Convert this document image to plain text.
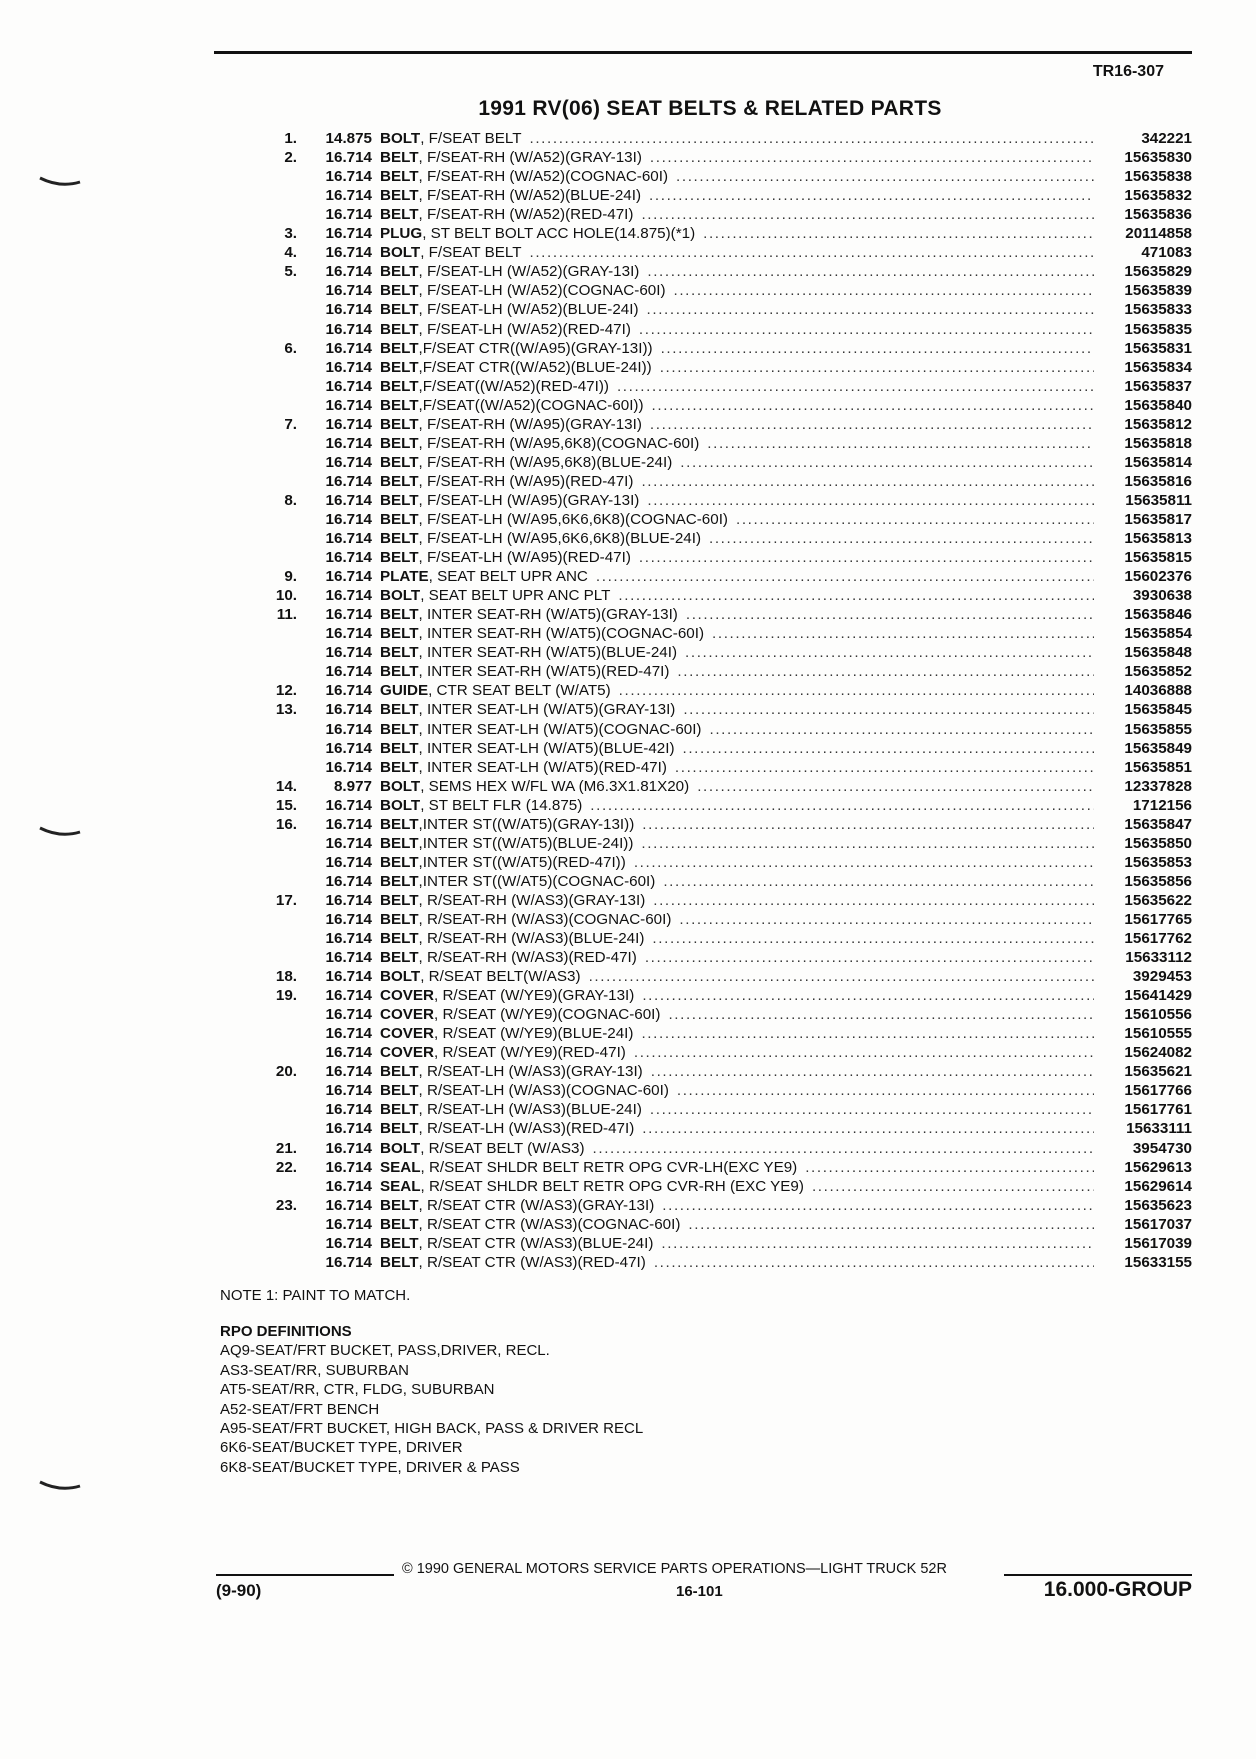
TR16-307
1991 RV(06) SEAT BELTS & RELATED PARTS
1.	14.875 BOLT , F/SEAT BELT . . .	342221
2.	16.714 BELT , F/SEAT-RH (W/A52)(GRAY-13I) . . .	15635830
16.714 BELT , F/SEAT-RH (W/A52)(COGNAC-60I) . . .	15635838
16.714 BELT , F/SEAT-RH (W/A52)(BLUE-24I) . . .	15635832
16.714 BELT , F/SEAT-RH (W/A52)(RED-47I) . . .	15635836
3.	16.714 PLUG , ST BELT BOLT ACC HOLE(14.875)(*1) . . .	20114858
4.	16.714 BOLT , F/SEAT BELT . . .	471083
5.	16.714 BELT , F/SEAT-LH (W/A52)(GRAY-13I) . . .	15635829
16.714 BELT , F/SEAT-LH (W/A52)(COGNAC-60I) . . .	15635839
16.714 BELT , F/SEAT-LH (W/A52)(BLUE-24I) . . .	15635833
16.714 BELT , F/SEAT-LH (W/A52)(RED-47I) . . .	15635835
6.	16.714 BELT ,F/SEAT CTR((W/A95)(GRAY-13I)) . . .	15635831
16.714 BELT ,F/SEAT CTR((W/A52)(BLUE-24I)) . . .	15635834
16.714 BELT ,F/SEAT((W/A52)(RED-47I)) . . .	15635837
16.714 BELT ,F/SEAT((W/A52)(COGNAC-60I)) . . .	15635840
7.	16.714 BELT , F/SEAT-RH (W/A95)(GRAY-13I) . . .	15635812
16.714 BELT , F/SEAT-RH (W/A95,6K8)(COGNAC-60I) . . .	15635818
16.714 BELT , F/SEAT-RH (W/A95,6K8)(BLUE-24I) . . .	15635814
16.714 BELT , F/SEAT-RH (W/A95)(RED-47I) . . .	15635816
8.	16.714 BELT , F/SEAT-LH (W/A95)(GRAY-13I) . . .	15635811
16.714 BELT , F/SEAT-LH (W/A95,6K6,6K8)(COGNAC-60I) . . .	15635817
16.714 BELT , F/SEAT-LH (W/A95,6K6,6K8)(BLUE-24I) . . .	15635813
16.714 BELT , F/SEAT-LH (W/A95)(RED-47I) . . .	15635815
9.	16.714 PLATE , SEAT BELT UPR ANC . . .	15602376
10.	16.714 BOLT , SEAT BELT UPR ANC PLT . . .	3930638
11.	16.714 BELT , INTER SEAT-RH (W/AT5)(GRAY-13I) . . .	15635846
16.714 BELT , INTER SEAT-RH (W/AT5)(COGNAC-60I) . . .	15635854
16.714 BELT , INTER SEAT-RH (W/AT5)(BLUE-24I) . . .	15635848
16.714 BELT , INTER SEAT-RH (W/AT5)(RED-47I) . . .	15635852
12.	16.714 GUIDE , CTR SEAT BELT (W/AT5) . . .	14036888
13.	16.714 BELT , INTER SEAT-LH (W/AT5)(GRAY-13I) . . .	15635845
16.714 BELT , INTER SEAT-LH (W/AT5)(COGNAC-60I) . . .	15635855
16.714 BELT , INTER SEAT-LH (W/AT5)(BLUE-42I) . . .	15635849
16.714 BELT , INTER SEAT-LH (W/AT5)(RED-47I) . . .	15635851
14.	8.977 BOLT , SEMS HEX W/FL WA (M6.3X1.81X20) . . .	12337828
15.	16.714 BOLT , ST BELT FLR (14.875) . . .	1712156
16.	16.714 BELT ,INTER ST((W/AT5)(GRAY-13I)) . . .	15635847
16.714 BELT ,INTER ST((W/AT5)(BLUE-24I)) . . .	15635850
16.714 BELT ,INTER ST((W/AT5)(RED-47I)) . . .	15635853
16.714 BELT ,INTER ST((W/AT5)(COGNAC-60I) . . .	15635856
17.	16.714 BELT , R/SEAT-RH (W/AS3)(GRAY-13I) . . .	15635622
16.714 BELT , R/SEAT-RH (W/AS3)(COGNAC-60I) . . .	15617765
16.714 BELT , R/SEAT-RH (W/AS3)(BLUE-24I) . . .	15617762
16.714 BELT , R/SEAT-RH (W/AS3)(RED-47I) . . .	15633112
18.	16.714 BOLT , R/SEAT BELT(W/AS3) . . .	3929453
19.	16.714 COVER , R/SEAT (W/YE9)(GRAY-13I) . . .	15641429
16.714 COVER , R/SEAT (W/YE9)(COGNAC-60I) . . .	15610556
16.714 COVER , R/SEAT (W/YE9)(BLUE-24I) . . .	15610555
16.714 COVER , R/SEAT (W/YE9)(RED-47I) . . .	15624082
20.	16.714 BELT , R/SEAT-LH (W/AS3)(GRAY-13I) . . .	15635621
16.714 BELT , R/SEAT-LH (W/AS3)(COGNAC-60I) . . .	15617766
16.714 BELT , R/SEAT-LH (W/AS3)(BLUE-24I) . . .	15617761
16.714 BELT , R/SEAT-LH (W/AS3)(RED-47I) . . .	15633111
21.	16.714 BOLT , R/SEAT BELT (W/AS3) . . .	3954730
22.	16.714 SEAL , R/SEAT SHLDR BELT RETR OPG CVR-LH(EXC YE9) . . .	15629613
16.714 SEAL , R/SEAT SHLDR BELT RETR OPG CVR-RH (EXC YE9) . . .	15629614
23.	16.714 BELT , R/SEAT CTR (W/AS3)(GRAY-13I) . . .	15635623
16.714 BELT , R/SEAT CTR (W/AS3)(COGNAC-60I) . . .	15617037
16.714 BELT , R/SEAT CTR (W/AS3)(BLUE-24I) . . .	15617039
16.714 BELT , R/SEAT CTR (W/AS3)(RED-47I) . . .	15633155
NOTE 1: PAINT TO MATCH.
RPO DEFINITIONS
AQ9-SEAT/FRT BUCKET, PASS,DRIVER, RECL.
AS3-SEAT/RR, SUBURBAN
AT5-SEAT/RR, CTR, FLDG, SUBURBAN
A52-SEAT/FRT BENCH
A95-SEAT/FRT BUCKET, HIGH BACK, PASS & DRIVER RECL
6K6-SEAT/BUCKET TYPE, DRIVER
6K8-SEAT/BUCKET TYPE, DRIVER & PASS
© 1990 GENERAL MOTORS SERVICE PARTS OPERATIONS—LIGHT TRUCK 52R
(9-90)	16-101	16.000-GROUP
